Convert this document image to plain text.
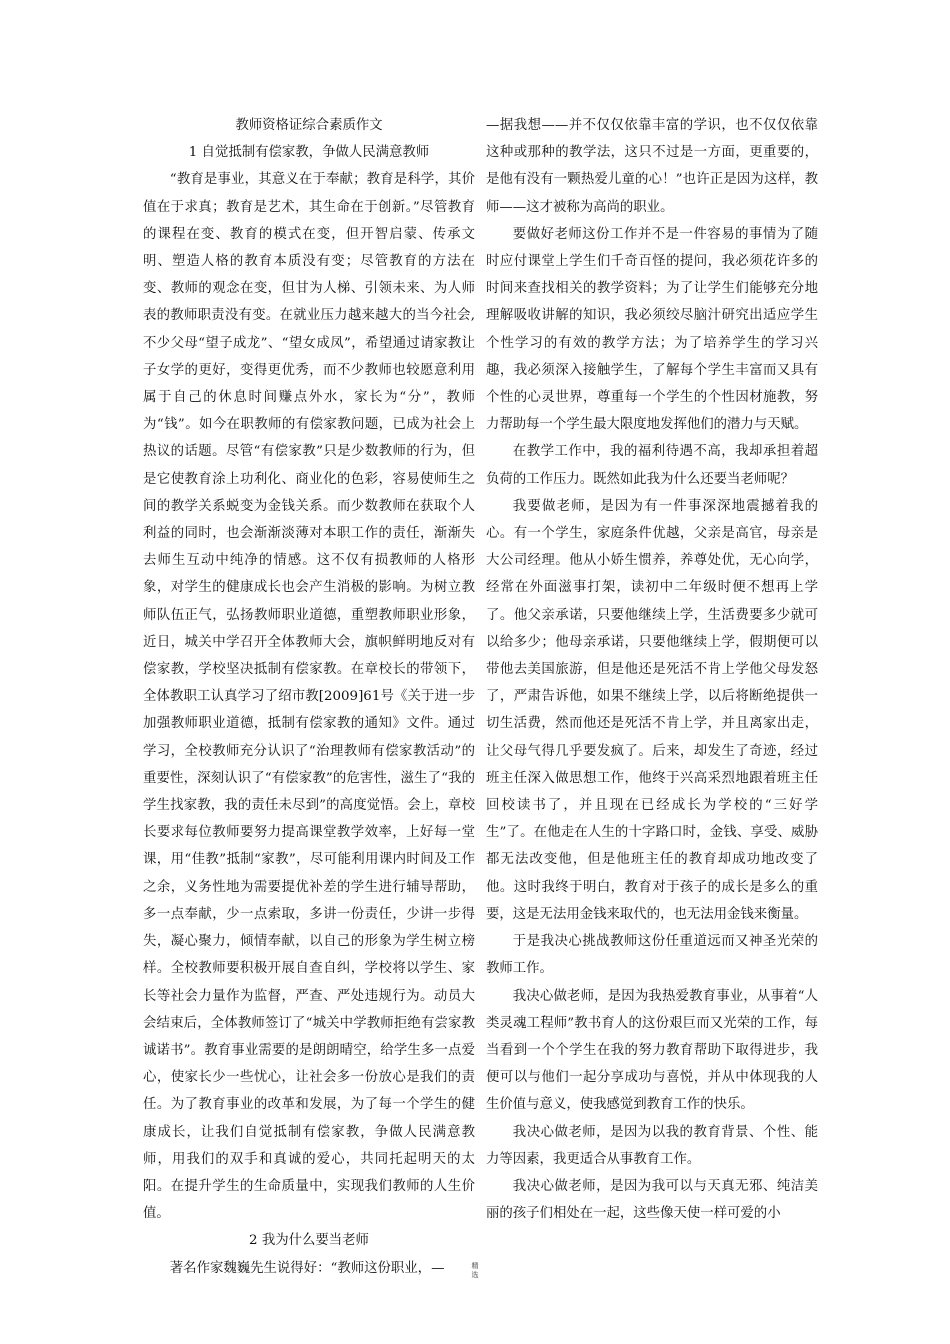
教师资格证综合素质作文

1 自觉抵制有偿家教，争做人民满意教师

“教育是事业，其意义在于奉献；教育是科学，其价值在于求真；教育是艺术，其生命在于创新。”尽管教育的课程在变、教育的模式在变，但开智启蒙、传承文明、塑造人格的教育本质没有变；尽管教育的方法在变、教师的观念在变，但甘为人梯、引领未来、为人师表的教师职责没有变。在就业压力越来越大的当今社会,不少父母“望子成龙”、“望女成凤”，希望通过请家教让子女学的更好，变得更优秀，而不少教师也较愿意利用属于自己的休息时间赚点外水，家长为“分”，教师为“钱”。如今在职教师的有偿家教问题，已成为社会上热议的话题。尽管“有偿家教”只是少数教师的行为，但是它使教育涂上功利化、商业化的色彩，容易使师生之间的教学关系蜕变为金钱关系。而少数教师在获取个人利益的同时，也会渐渐淡薄对本职工作的责任，渐渐失去师生互动中纯净的情感。这不仅有损教师的人格形象，对学生的健康成长也会产生消极的影响。为树立教师队伍正气，弘扬教师职业道德，重塑教师职业形象，近日，城关中学召开全体教师大会，旗帜鲜明地反对有偿家教，学校坚决抵制有偿家教。在章校长的带领下，全体教职工认真学习了绍市教[2009]61号《关于进一步加强教师职业道德，抵制有偿家教的通知》文件。通过学习，全校教师充分认识了“治理教师有偿家教活动”的重要性，深刻认识了“有偿家教”的危害性，滋生了“我的学生找家教，我的责任未尽到”的高度觉悟。会上，章校长要求每位教师要努力提高课堂教学效率，上好每一堂课，用“佳教”抵制“家教”，尽可能利用课内时间及工作之余，义务性地为需要提优补差的学生进行辅导帮助，多一点奉献，少一点索取，多讲一份责任，少讲一步得失，凝心聚力，倾情奉献，以自己的形象为学生树立榜样。全校教师要积极开展自查自纠，学校将以学生、家长等社会力量作为监督，严查、严处违规行为。动员大会结束后，全体教师签订了“城关中学教师拒绝有尝家教诚诺书”。教育事业需要的是朗朗晴空，给学生多一点爱心，使家长少一些忧心，让社会多一份放心是我们的责任。为了教育事业的改革和发展，为了每一个学生的健康成长，让我们自觉抵制有偿家教，争做人民满意教师，用我们的双手和真诚的爱心，共同托起明天的太阳。在提升学生的生命质量中，实现我们教师的人生价值。

2 我为什么要当老师

著名作家魏巍先生说得好：“教师这份职业，—

—据我想——并不仅仅依靠丰富的学识，也不仅仅依靠这种或那种的教学法，这只不过是一方面，更重要的，是他有没有一颗热爱儿童的心！”也许正是因为这样，教师——这才被称为高尚的职业。

要做好老师这份工作并不是一件容易的事情为了随时应付课堂上学生们千奇百怪的提问，我必须花许多的时间来查找相关的教学资料；为了让学生们能够充分地理解吸收讲解的知识，我必须绞尽脑汁研究出适应学生个性学习的有效的教学方法；为了培养学生的学习兴趣，我必须深入接触学生，了解每个学生丰富而又具有个性的心灵世界，尊重每一个学生的个性因材施教，努力帮助每一个学生最大限度地发挥他们的潜力与天赋。

在教学工作中，我的福利待遇不高，我却承担着超负荷的工作压力。既然如此我为什么还要当老师呢？

我要做老师，是因为有一件事深深地震撼着我的心。有一个学生，家庭条件优越，父亲是高官，母亲是大公司经理。他从小娇生惯养，养尊处优，无心向学，经常在外面滋事打架，读初中二年级时便不想再上学了。他父亲承诺，只要他继续上学，生活费要多少就可以给多少；他母亲承诺，只要他继续上学，假期便可以带他去美国旅游，但是他还是死活不肯上学他父母发怒了，严肃告诉他，如果不继续上学，以后将断绝提供一切生活费，然而他还是死活不肯上学，并且离家出走，让父母气得几乎要发疯了。后来，却发生了奇迹，经过班主任深入做思想工作，他终于兴高采烈地跟着班主任回校读书了，并且现在已经成长为学校的“三好学生”了。在他走在人生的十字路口时，金钱、享受、威胁都无法改变他，但是他班主任的教育却成功地改变了他。这时我终于明白，教育对于孩子的成长是多么的重要，这是无法用金钱来取代的，也无法用金钱来衡量。

于是我决心挑战教师这份任重道远而又神圣光荣的教师工作。

我决心做老师，是因为我热爱教育事业，从事着“人类灵魂工程师”教书育人的这份艰巨而又光荣的工作，每当看到一个个学生在我的努力教育帮助下取得进步，我便可以与他们一起分享成功与喜悦，并从中体现我的人生价值与意义，使我感觉到教育工作的快乐。

我决心做老师，是因为以我的教育背景、个性、能力等因素，我更适合从事教育工作。

我决心做老师，是因为我可以与天真无邪、纯洁美丽的孩子们相处在一起，这些像天使一样可爱的小

精
选
